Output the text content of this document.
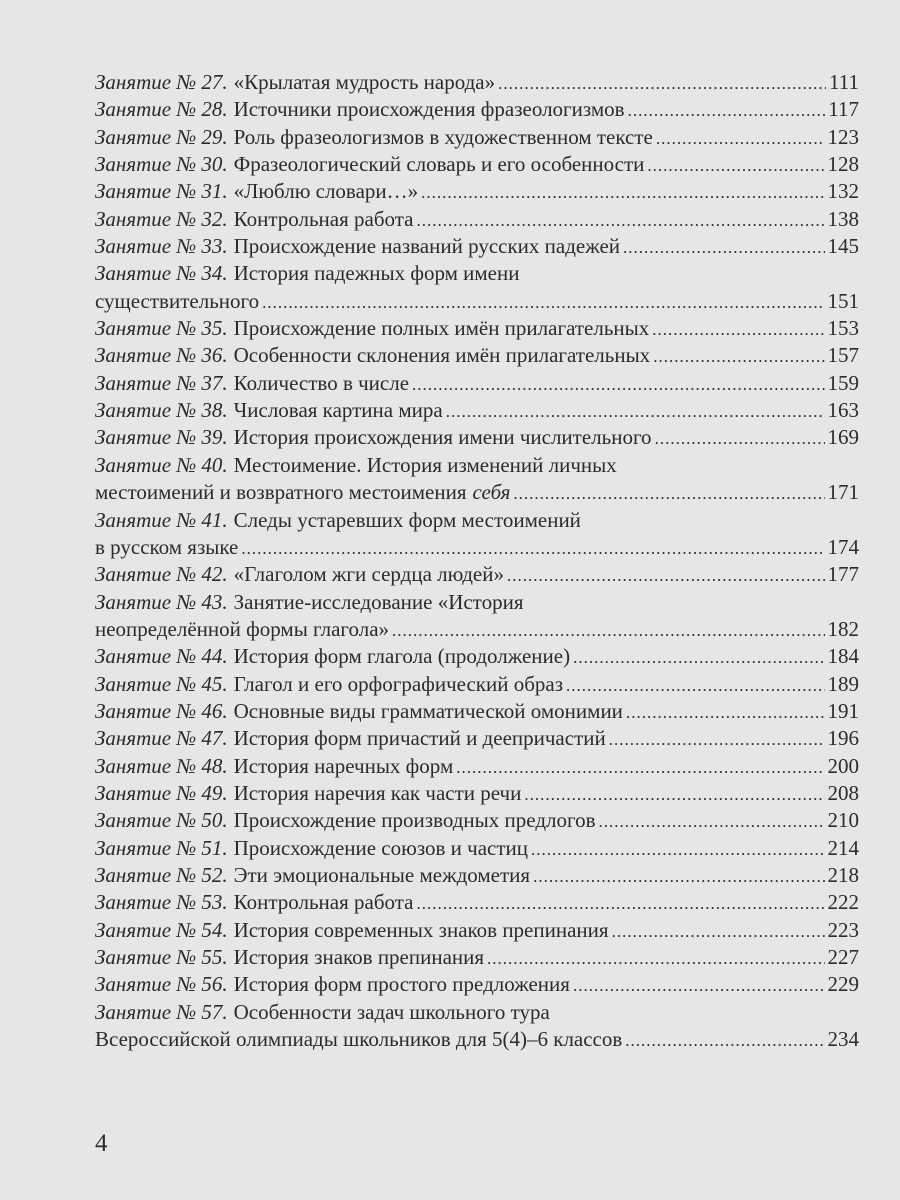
Занятие № 27. «Крылатая мудрость народа» .....	111
Занятие № 28. Источники происхождения фразеологизмов .....	117
Занятие № 29. Роль фразеологизмов в художественном тексте .....	123
Занятие № 30. Фразеологический словарь и его особенности .....	128
Занятие № 31. «Люблю словари…» .....	132
Занятие № 32. Контрольная работа .....	138
Занятие № 33. Происхождение названий русских падежей .....	145
Занятие № 34. История падежных форм имени
существительного .....	151
Занятие № 35. Происхождение полных имён прилагательных .....	153
Занятие № 36. Особенности склонения имён прилагательных .....	157
Занятие № 37. Количество в числе .....	159
Занятие № 38. Числовая картина мира .....	163
Занятие № 39. История происхождения имени числительного .....	169
Занятие № 40. Местоимение. История изменений личных
местоимений и возвратного местоимения себя .....	171
Занятие № 41. Следы устаревших форм местоимений
в русском языке .....	174
Занятие № 42. «Глаголом жги сердца людей» .....	177
Занятие № 43. Занятие-исследование «История
неопределённой формы глагола» .....	182
Занятие № 44. История форм глагола (продолжение) .....	184
Занятие № 45. Глагол и его орфографический образ .....	189
Занятие № 46. Основные виды грамматической омонимии .....	191
Занятие № 47. История форм причастий и деепричастий .....	196
Занятие № 48. История наречных форм .....	200
Занятие № 49. История наречия как части речи .....	208
Занятие № 50. Происхождение производных предлогов .....	210
Занятие № 51. Происхождение союзов и частиц .....	214
Занятие № 52. Эти эмоциональные междометия .....	218
Занятие № 53. Контрольная работа .....	222
Занятие № 54. История современных знаков препинания .....	223
Занятие № 55. История знаков препинания .....	227
Занятие № 56. История форм простого предложения .....	229
Занятие № 57. Особенности задач школьного тура
Всероссийской олимпиады школьников для 5(4)–6 классов .....	234
4
